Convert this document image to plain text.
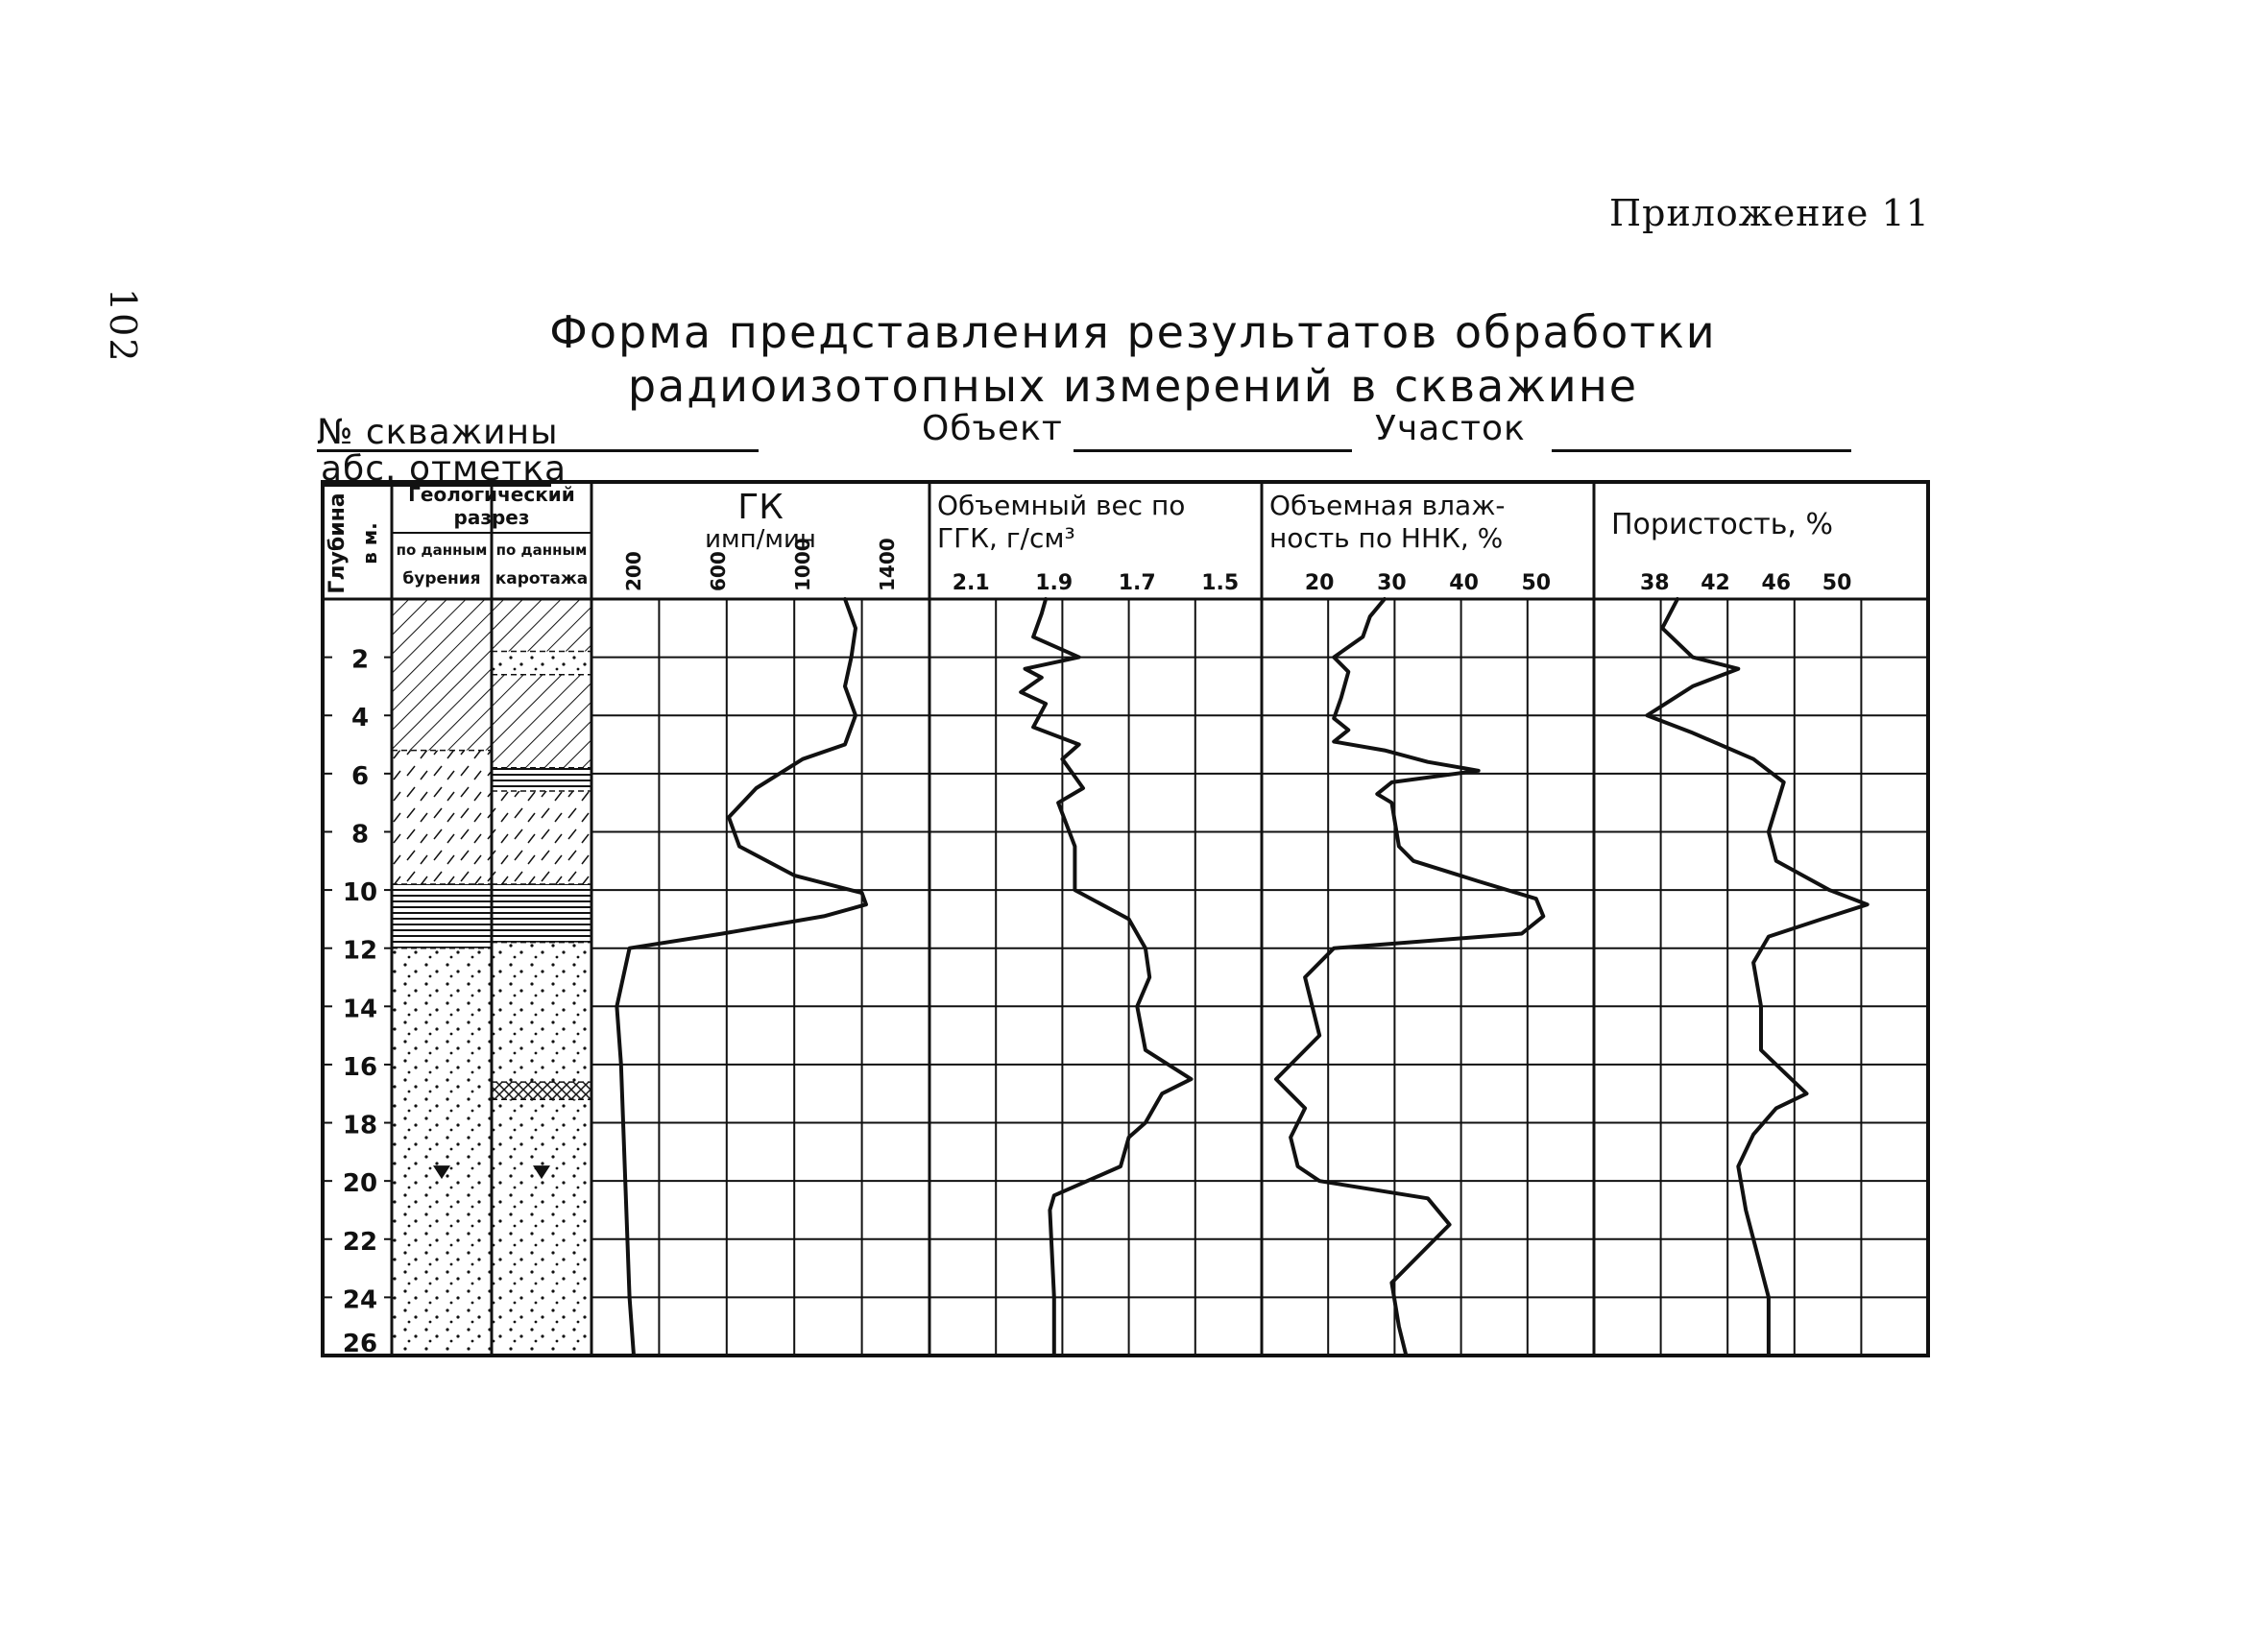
102
Приложение 11
Форма представления результатов обработки
радиоизотопных измерений в скважине
№ скважины	Объект	Участок
абс. отметка
2
4
6
8
10
12
14
16
18
20
22
24
26
Глубина в м.
Геологический
разрез
по данным
бурения
по данным
каротажа
ГК
имп/мин
200	600	1000	1400
Объемный вес по
ГГК, г/см³
2.1 1.9 1.7 1.5
Объемная влаж-
ность по ННК, %
20 30 40 50
Пористость, %
38 42 46 50
